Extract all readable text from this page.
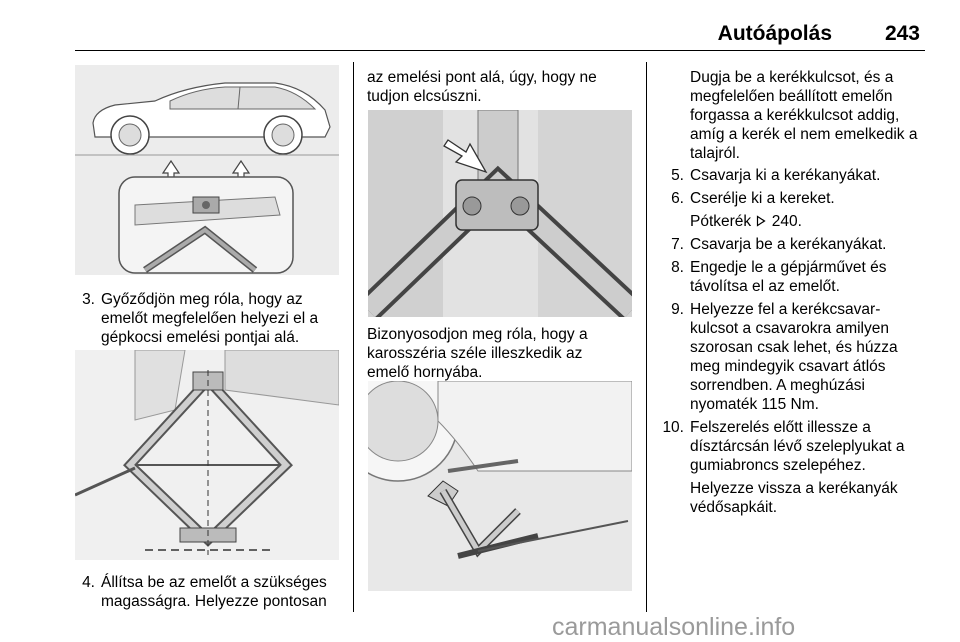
Autóápolás	243
3. Győződjön meg róla, hogy az
emelőt megfelelően helyezi el a
gépkocsi emelési pontjai alá.
4. Állítsa be az emelőt a szükséges
magasságra. Helyezze pontosan
az emelési pont alá, úgy, hogy ne
tudjon elcsúszni.
Bizonyosodjon meg róla, hogy a
karosszéria széle illeszkedik az
emelő hornyába.
Dugja be a kerékkulcsot, és a
megfelelően beállított emelőn
forgassa a kerékkulcsot addig,
amíg a kerék el nem emelkedik a
talajról.
5. Csavarja ki a kerékanyákat.
6. Cserélje ki a kereket.
Pótkerék 240.
7. Csavarja be a kerékanyákat.
8. Engedje le a gépjárművet és
távolítsa el az emelőt.
9. Helyezze fel a kerékcsavar-
kulcsot a csavarokra amilyen
szorosan csak lehet, és húzza
meg mindegyik csavart átlós
sorrendben. A meghúzási
nyomaték 115 Nm.
10. Felszerelés előtt illessze a
dísztárcsán lévő szeleplyukat a
gumiabroncs szelepéhez.
Helyezze vissza a kerékanyák
védősapkáit.
carmanualsonline.info
